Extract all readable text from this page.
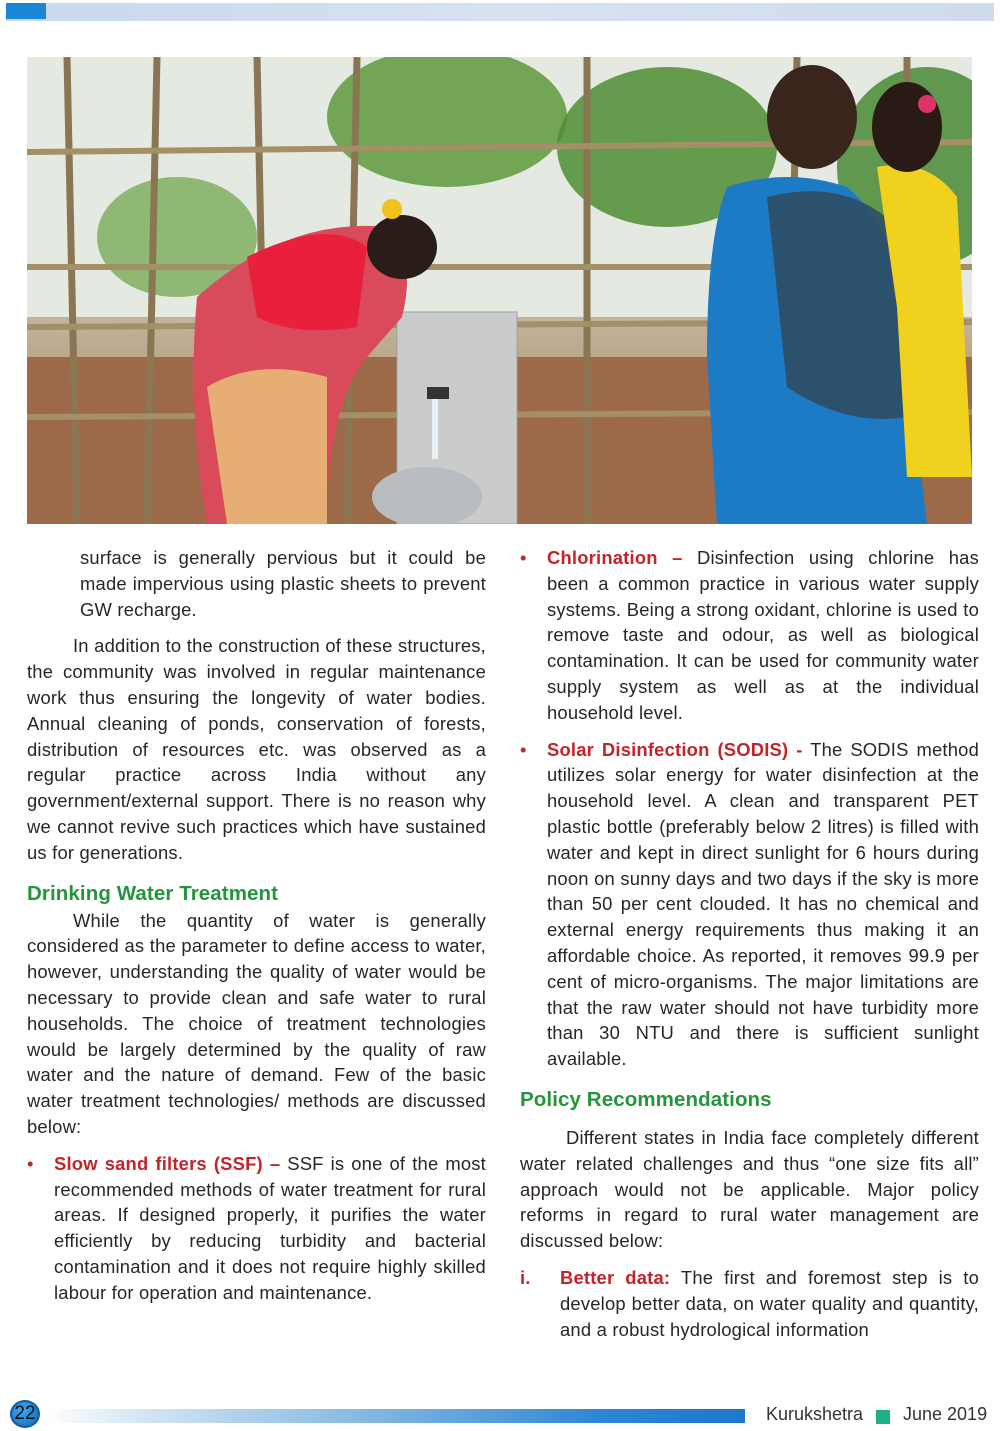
surface is generally pervious but it could be made impervious using plastic sheets to prevent GW recharge.

In addition to the construction of these structures, the community was involved in regular maintenance work thus ensuring the longevity of water bodies. Annual cleaning of ponds, conservation of forests, distribution of resources etc. was observed as a regular practice across India without any government/external support. There is no reason why we cannot revive such practices which have sustained us for generations.

Drinking Water Treatment

While the quantity of water is generally considered as the parameter to define access to water, however, understanding the quality of water would be necessary to provide clean and safe water to rural households. The choice of treatment technologies would be largely determined by the quality of raw water and the nature of demand. Few of the basic water treatment technologies/ methods are discussed below:

•	Slow sand filters (SSF) – SSF is one of the most recommended methods of water treatment for rural areas. If designed properly, it purifies the water efficiently by reducing turbidity and bacterial contamination and it does not require highly skilled labour for operation and maintenance.

•	Chlorination – Disinfection using chlorine has been a common practice in various water supply systems. Being a strong oxidant, chlorine is used to remove taste and odour, as well as biological contamination. It can be used for community water supply system as well as at the individual household level.

•	Solar Disinfection (SODIS) - The SODIS method utilizes solar energy for water disinfection at the household level. A clean and transparent PET plastic bottle (preferably below 2 litres) is filled with water and kept in direct sunlight for 6 hours during noon on sunny days and two days if the sky is more than 50 per cent clouded. It has no chemical and external energy requirements thus making it an affordable choice. As reported, it removes 99.9 per cent of micro-organisms. The major limitations are that the raw water should not have turbidity more than 30 NTU and there is sufficient sunlight available.

Policy Recommendations

Different states in India face completely different water related challenges and thus “one size fits all” approach would not be applicable. Major policy reforms in regard to rural water management are discussed below:

i. Better data: The first and foremost step is to develop better data, on water quality and quantity, and a robust hydrological information

22	Kurukshetra June 2019
